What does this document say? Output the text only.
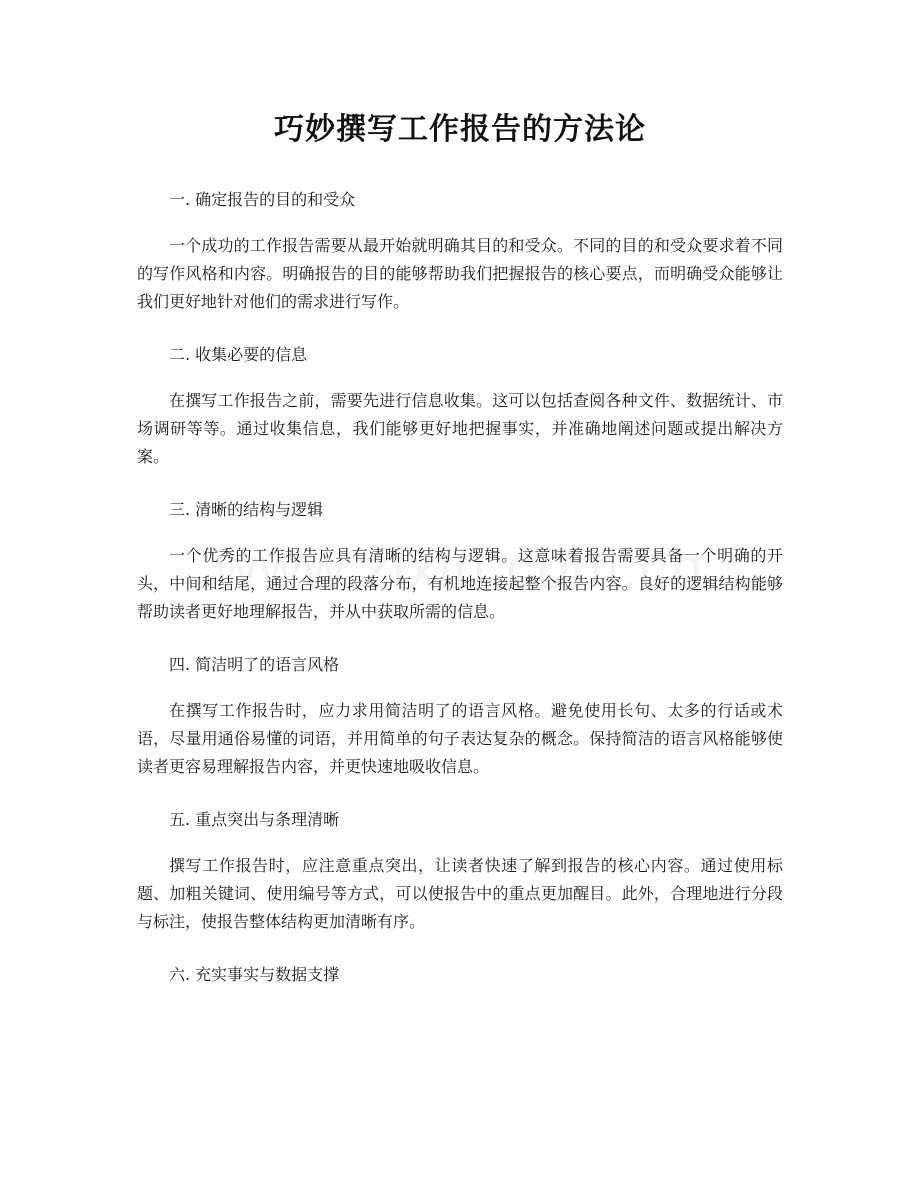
巧妙撰写工作报告的方法论
一. 确定报告的目的和受众

一个成功的工作报告需要从最开始就明确其目的和受众。不同的目的和受众要求着不同的写作风格和内容。明确报告的目的能够帮助我们把握报告的核心要点，而明确受众能够让我们更好地针对他们的需求进行写作。

二. 收集必要的信息

在撰写工作报告之前，需要先进行信息收集。这可以包括查阅各种文件、数据统计、市场调研等等。通过收集信息，我们能够更好地把握事实，并准确地阐述问题或提出解决方案。

三. 清晰的结构与逻辑

一个优秀的工作报告应具有清晰的结构与逻辑。这意味着报告需要具备一个明确的开头，中间和结尾，通过合理的段落分布，有机地连接起整个报告内容。良好的逻辑结构能够帮助读者更好地理解报告，并从中获取所需的信息。

四. 简洁明了的语言风格

在撰写工作报告时，应力求用简洁明了的语言风格。避免使用长句、太多的行话或术语，尽量用通俗易懂的词语，并用简单的句子表达复杂的概念。保持简洁的语言风格能够使读者更容易理解报告内容，并更快速地吸收信息。

五. 重点突出与条理清晰

撰写工作报告时，应注意重点突出，让读者快速了解到报告的核心内容。通过使用标题、加粗关键词、使用编号等方式，可以使报告中的重点更加醒目。此外，合理地进行分段与标注，使报告整体结构更加清晰有序。

六. 充实事实与数据支撑
